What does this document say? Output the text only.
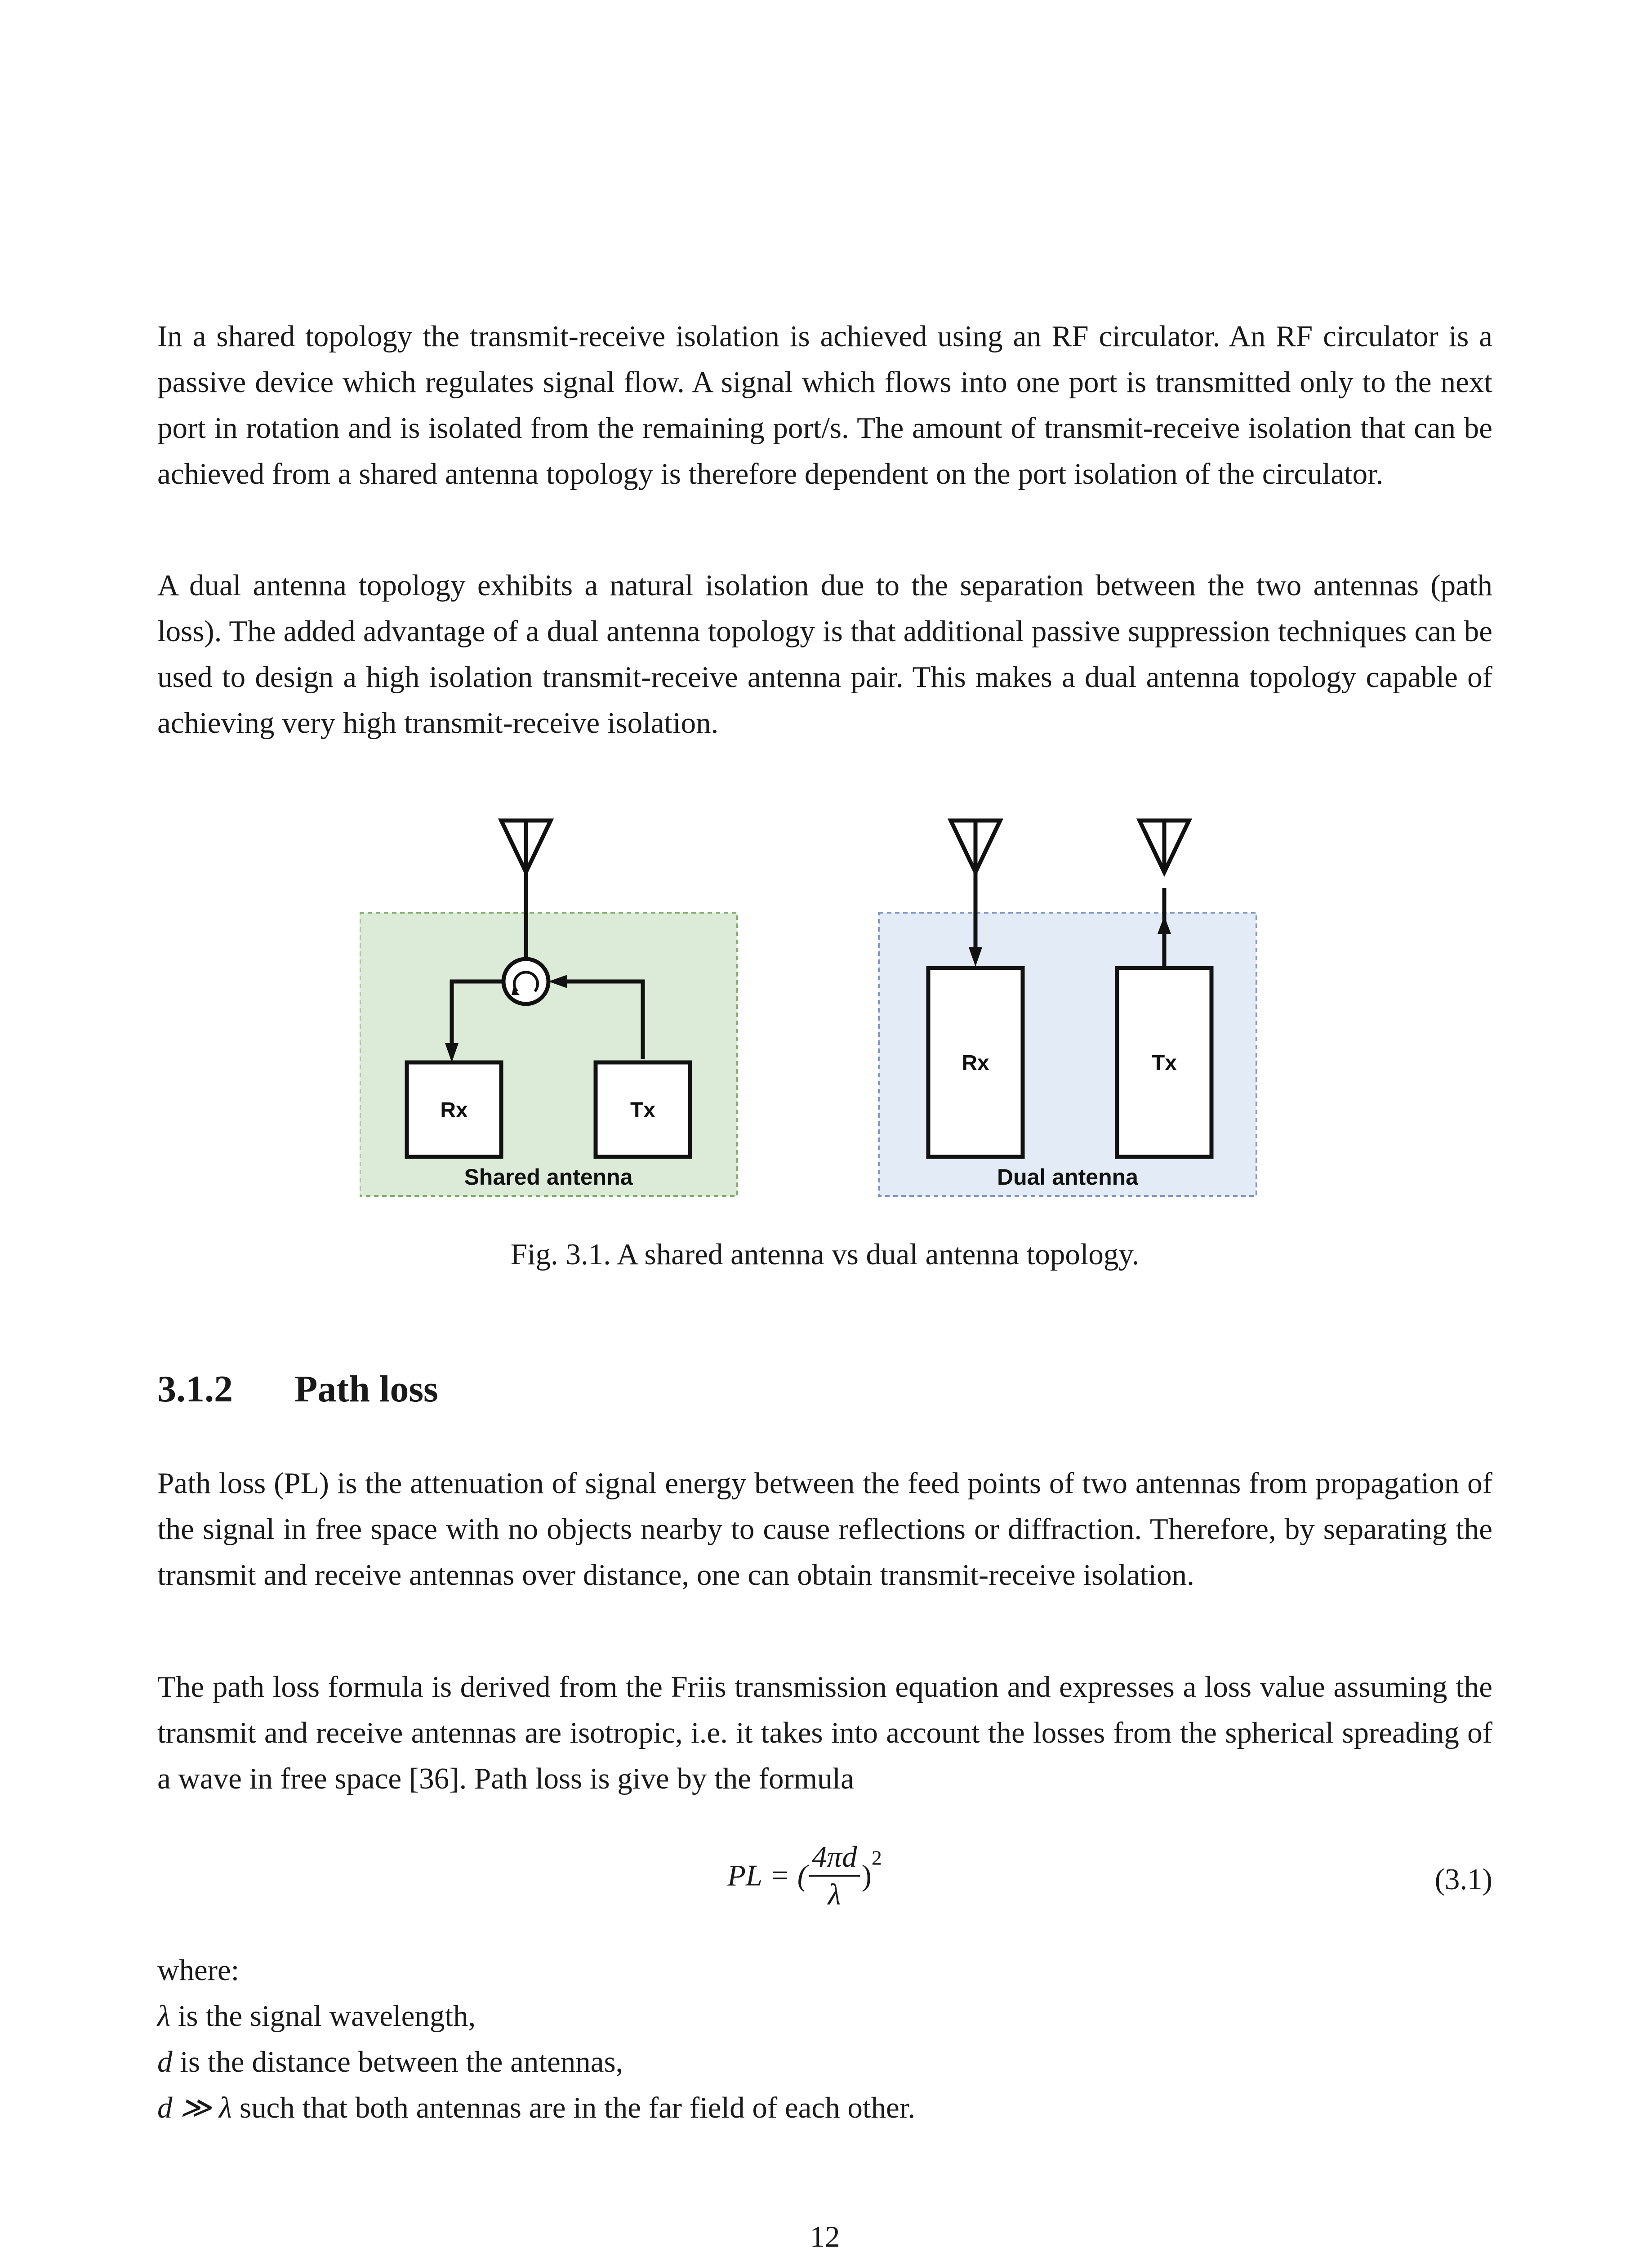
In a shared topology the transmit-receive isolation is achieved using an RF circulator. An RF circulator is a passive device which regulates signal flow. A signal which flows into one port is transmitted only to the next port in rotation and is isolated from the remaining port/s. The amount of transmit-receive isolation that can be achieved from a shared antenna topology is therefore dependent on the port isolation of the circulator.

A dual antenna topology exhibits a natural isolation due to the separation between the two antennas (path loss). The added advantage of a dual antenna topology is that additional passive suppression techniques can be used to design a high isolation transmit-receive antenna pair. This makes a dual antenna topology capable of achieving very high transmit-receive isolation.

Rx	Tx
Shared antenna
Rx	Tx
Dual antenna
Fig. 3.1. A shared antenna vs dual antenna topology.
3.1.2 Path loss

Path loss (PL) is the attenuation of signal energy between the feed points of two antennas from propagation of the signal in free space with no objects nearby to cause reflections or diffraction. Therefore, by separating the transmit and receive antennas over distance, one can obtain transmit-receive isolation.

The path loss formula is derived from the Friis transmission equation and expresses a loss value assuming the transmit and receive antennas are isotropic, i.e. it takes into account the losses from the spherical spreading of a wave in free space [36]. Path loss is give by the formula

PL = ( $\frac{4\pi d}{\lambda} )^2$
(3.1)
where:
λ is the signal wavelength,
d is the distance between the antennas,
d ≫ λ such that both antennas are in the far field of each other.
12
